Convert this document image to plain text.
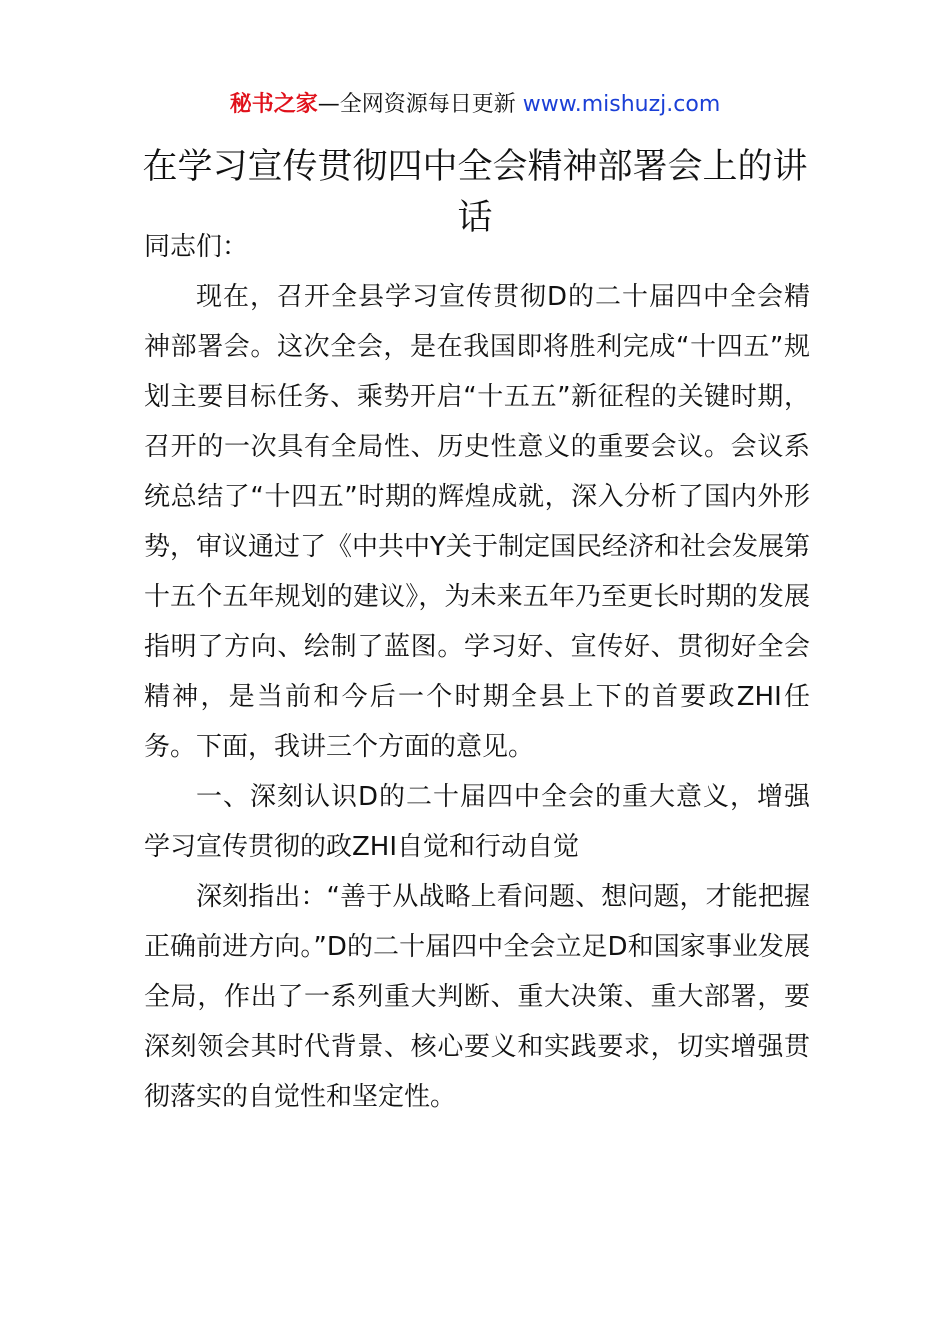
秘书之家—全网资源每日更新 www.mishuzj.com
在学习宣传贯彻四中全会精神部署会上的讲话

同志们：

现在，召开全县学习宣传贯彻D的二十届四中全会精神部署会。这次全会，是在我国即将胜利完成“十四五”规划主要目标任务、乘势开启“十五五”新征程的关键时期，召开的一次具有全局性、历史性意义的重要会议。会议系统总结了“十四五”时期的辉煌成就，深入分析了国内外形势，审议通过了《中共中Y关于制定国民经济和社会发展第十五个五年规划的建议》，为未来五年乃至更长时期的发展指明了方向、绘制了蓝图。学习好、宣传好、贯彻好全会精神，是当前和今后一个时期全县上下的首要政ZHI任务。下面，我讲三个方面的意见。

一、深刻认识D的二十届四中全会的重大意义，增强学习宣传贯彻的政ZHI自觉和行动自觉

深刻指出：“善于从战略上看问题、想问题，才能把握正确前进方向。”D的二十届四中全会立足D和国家事业发展全局，作出了一系列重大判断、重大决策、重大部署，要深刻领会其时代背景、核心要义和实践要求，切实增强贯彻落实的自觉性和坚定性。
